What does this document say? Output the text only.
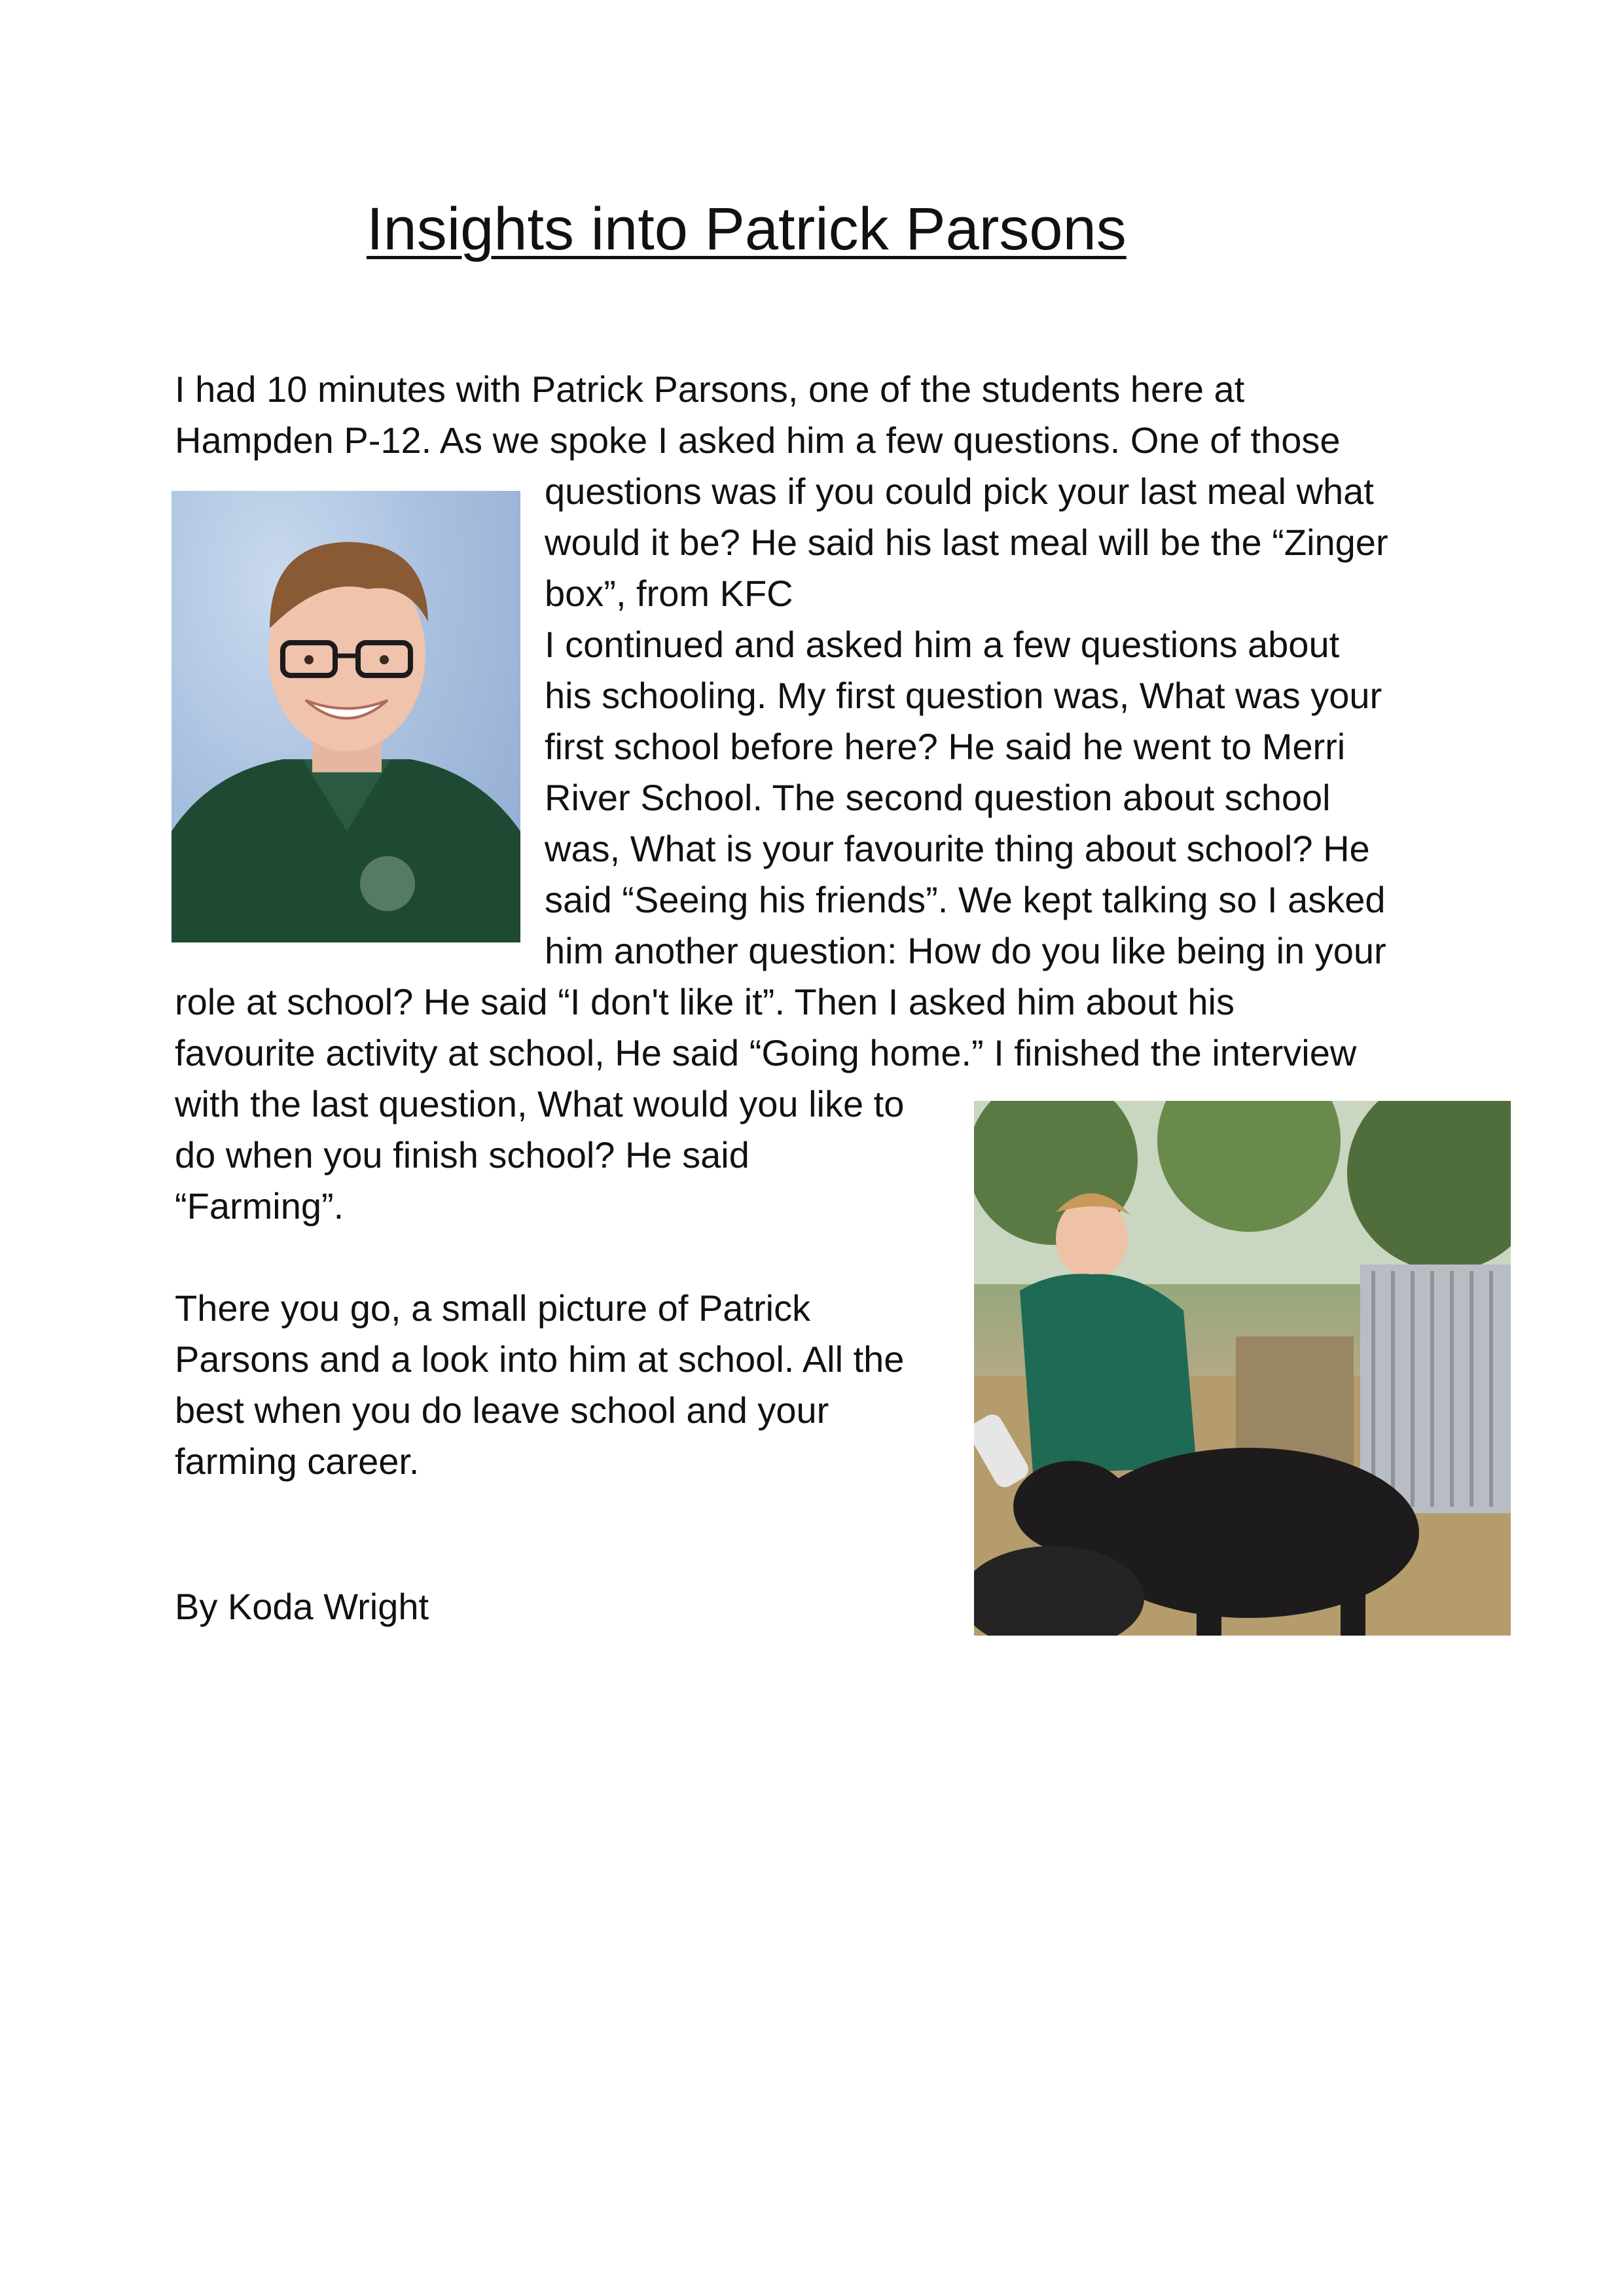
Insights into Patrick Parsons
I had 10 minutes with Patrick Parsons, one of the students here at
Hampden P-12. As we spoke I asked him a few questions. One of those
questions was if you could pick your last meal what
would it be? He said his last meal will be the “Zinger
box”, from KFC
I continued and asked him a few questions about
his schooling. My first question was, What was your
first school before here? He said he went to Merri
River School. The second question about school
was, What is your favourite thing about school? He
said “Seeing his friends”. We kept talking so I asked
him another question: How do you like being in your
role at school? He said “I don't like it”. Then I asked him about his
favourite activity at school, He said “Going home.” I finished the interview
with the last question, What would you like to
do when you finish school? He said
“Farming”.
There you go, a small picture of Patrick
Parsons and a look into him at school. All the
best when you do leave school and your
farming career.
By Koda Wright
